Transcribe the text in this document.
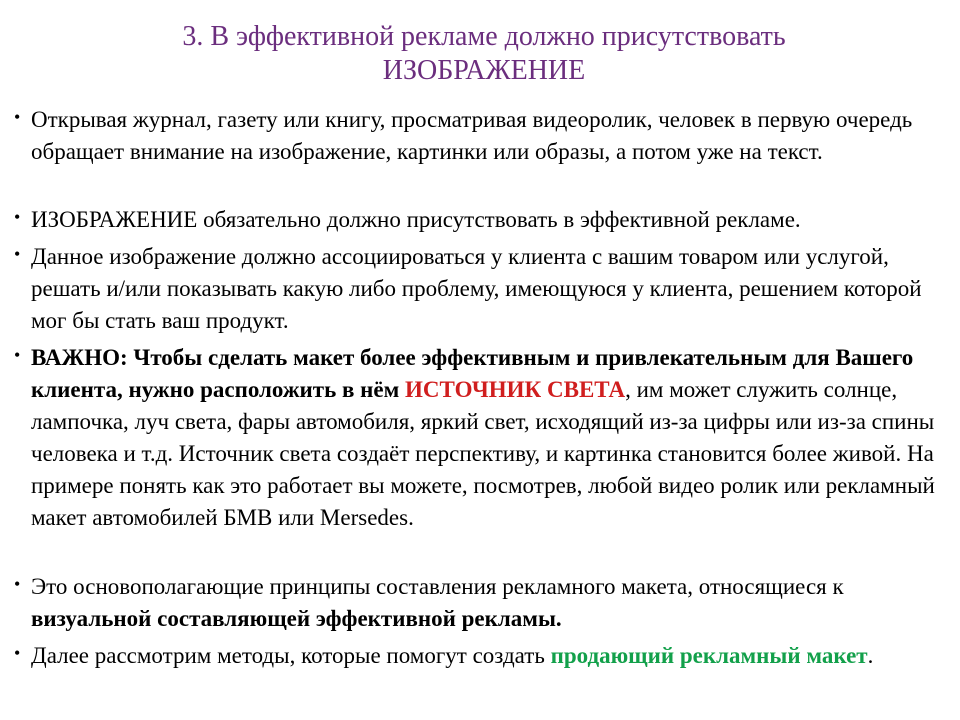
3. В эффективной рекламе должно присутствовать
ИЗОБРАЖЕНИЕ
• Открывая журнал, газету или книгу, просматривая видеоролик, человек в первую очередь обращает внимание на изображение, картинки или образы, а потом уже на текст.
• ИЗОБРАЖЕНИЕ обязательно должно присутствовать в эффективной рекламе.
• Данное изображение должно ассоциироваться у клиента с вашим товаром или услугой, решать и/или показывать какую либо проблему, имеющуюся у клиента, решением которой мог бы стать ваш продукт.
• ВАЖНО: Чтобы сделать макет более эффективным и привлекательным для Вашего клиента, нужно расположить в нём ИСТОЧНИК СВЕТА, им может служить солнце, лампочка, луч света, фары автомобиля, яркий свет, исходящий из-за цифры или из-за спины человека и т.д. Источник света создаёт перспективу, и картинка становится более живой. На примере понять как это работает вы можете, посмотрев, любой видео ролик или рекламный макет автомобилей БМВ или Mersedes.
• Это основополагающие принципы составления рекламного макета, относящиеся к визуальной составляющей эффективной рекламы.
• Далее рассмотрим методы, которые помогут создать продающий рекламный макет.
